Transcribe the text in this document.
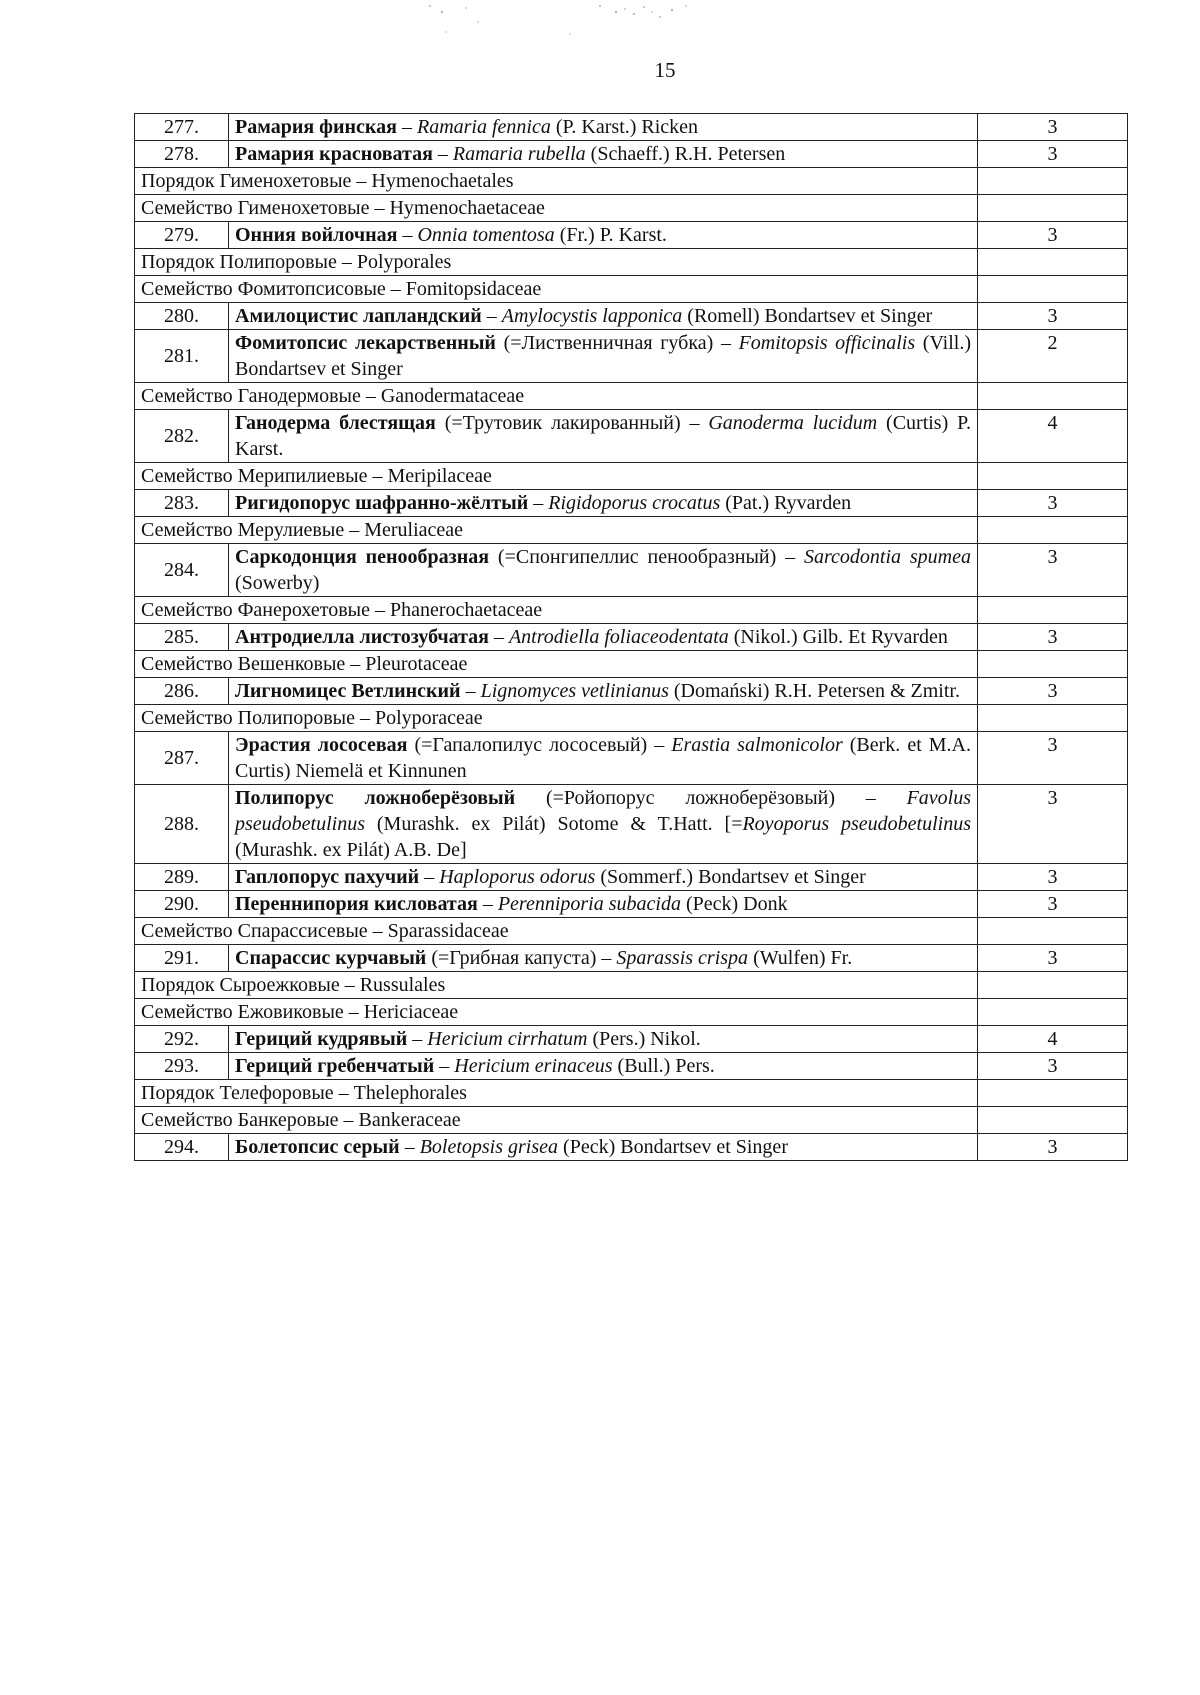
15
277.	Рамария финская – Ramaria fennica (P. Karst.) Ricken	3
278.	Рамария красноватая – Ramaria rubella (Schaeff.) R.H. Petersen	3
Порядок Гименохетовые – Hymenochaetales		
Семейство Гименохетовые – Hymenochaetaceae		
279.	Онния войлочная – Onnia tomentosa (Fr.) P. Karst.	3
Порядок Полипоровые – Polyporales		
Семейство Фомитопсисовые – Fomitopsidaceae		
280.	Амилоцистис лапландский – Amylocystis lapponica (Romell) Bondartsev et Singer	3
281.	Фомитопсис лекарственный (=Лиственничная губка) – Fomitopsis officinalis (Vill.) Bondartsev et Singer	2
Семейство Ганодермовые – Ganodermataceae		
282.	Ганодерма блестящая (=Трутовик лакированный) – Ganoderma lucidum (Curtis) P. Karst.	4
Семейство Мерипилиевые – Meripilaceae		
283.	Ригидопорус шафранно-жёлтый – Rigidoporus crocatus (Pat.) Ryvarden	3
Семейство Мерулиевые – Meruliaceae		
284.	Саркодонция пенообразная (=Спонгипеллис пенообразный) – Sarcodontia spumea (Sowerby)	3
Семейство Фанерохетовые – Phanerochaetaceae		
285.	Антродиелла листозубчатая – Antrodiella foliaceodentata (Nikol.) Gilb. Et Ryvarden	3
Семейство Вешенковые – Pleurotaceae		
286.	Лигномицес Ветлинский – Lignomyces vetlinianus (Domański) R.H. Petersen & Zmitr.	3
Семейство Полипоровые – Polyporaceae		
287.	Эрастия лососевая (=Гапалопилус лососевый) – Erastia salmonicolor (Berk. et M.A. Curtis) Niemelä et Kinnunen	3
288.	Полипорус ложноберёзовый (=Ройопорус ложноберёзовый) – Favolus pseudobetulinus (Murashk. ex Pilát) Sotome & T.Hatt. [=Royoporus pseudobetulinus (Murashk. ex Pilát) A.B. De]	3
289.	Гаплопорус пахучий – Haploporus odorus (Sommerf.) Bondartsev et Singer	3
290.	Переннипория кисловатая – Perenniporia subacida (Peck) Donk	3
Семейство Спарассисевые – Sparassidaceae		
291.	Спарассис курчавый (=Грибная капуста) – Sparassis crispa (Wulfen) Fr.	3
Порядок Сыроежковые – Russulales		
Семейство Ежовиковые – Hericiaceae		
292.	Гериций кудрявый – Hericium cirrhatum (Pers.) Nikol.	4
293.	Гериций гребенчатый – Hericium erinaceus (Bull.) Pers.	3
Порядок Телефоровые – Thelephorales		
Семейство Банкеровые – Bankeraceae		
294.	Болетопсис серый – Boletopsis grisea (Peck) Bondartsev et Singer	3
